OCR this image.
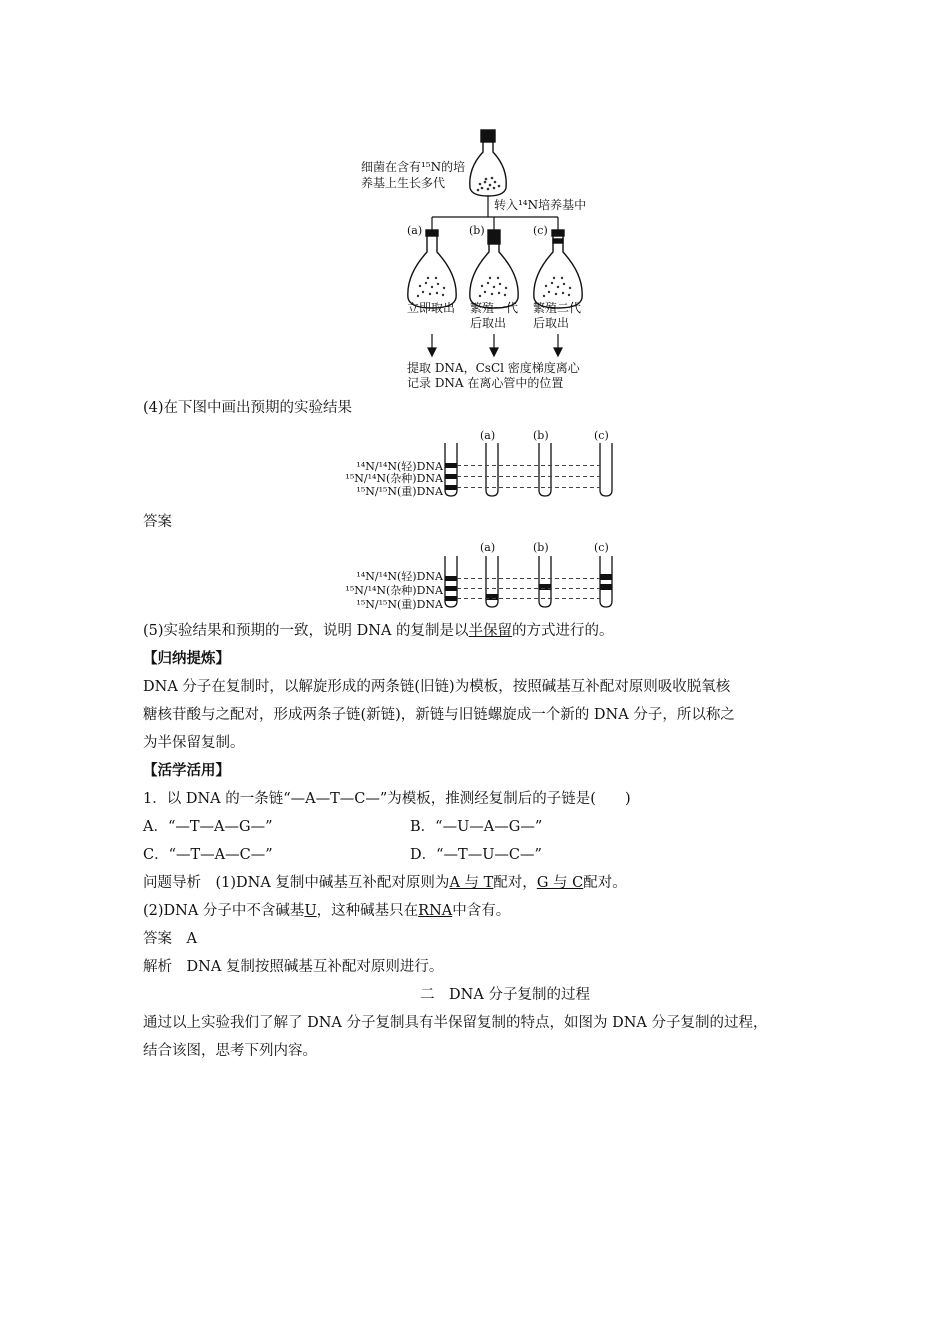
细菌在含有¹⁵N的培
养基上生长多代
转入¹⁴N培养基中
(a)	(b)	(c)
立即取出 繁殖一代
后取出
繁殖二代
后取出
提取 DNA，CsCl 密度梯度离心
记录 DNA 在离心管中的位置
(4)在下图中画出预期的实验结果
(a)	(b)	(c)
¹⁴N/¹⁴N(轻)DNA
¹⁵N/¹⁴N(杂种)DNA
¹⁵N/¹⁵N(重)DNA
答案
(a)	(b)	(c)
¹⁴N/¹⁴N(轻)DNA
¹⁵N/¹⁴N(杂种)DNA
¹⁵N/¹⁵N(重)DNA
(5)实验结果和预期的一致，说明 DNA 的复制是以半保留的方式进行的。
【归纳提炼】
DNA 分子在复制时，以解旋形成的两条链(旧链)为模板，按照碱基互补配对原则吸收脱氧核
糖核苷酸与之配对，形成两条子链(新链)，新链与旧链螺旋成一个新的 DNA 分子，所以称之
为半保留复制。
【活学活用】
1．以 DNA 的一条链“—A—T—C—”为模板，推测经复制后的子链是(　　)
A．“—T—A—G—”	B．“—U—A—G—”
C．“—T—A—C—”	D．“—T—U—C—”
问题导析　(1)DNA 复制中碱基互补配对原则为A 与 T配对，G 与 C配对。
(2)DNA 分子中不含碱基U，这种碱基只在RNA中含有。
答案　A
解析　DNA 复制按照碱基互补配对原则进行。
二　DNA 分子复制的过程
通过以上实验我们了解了 DNA 分子复制具有半保留复制的特点，如图为 DNA 分子复制的过程，
结合该图，思考下列内容。
